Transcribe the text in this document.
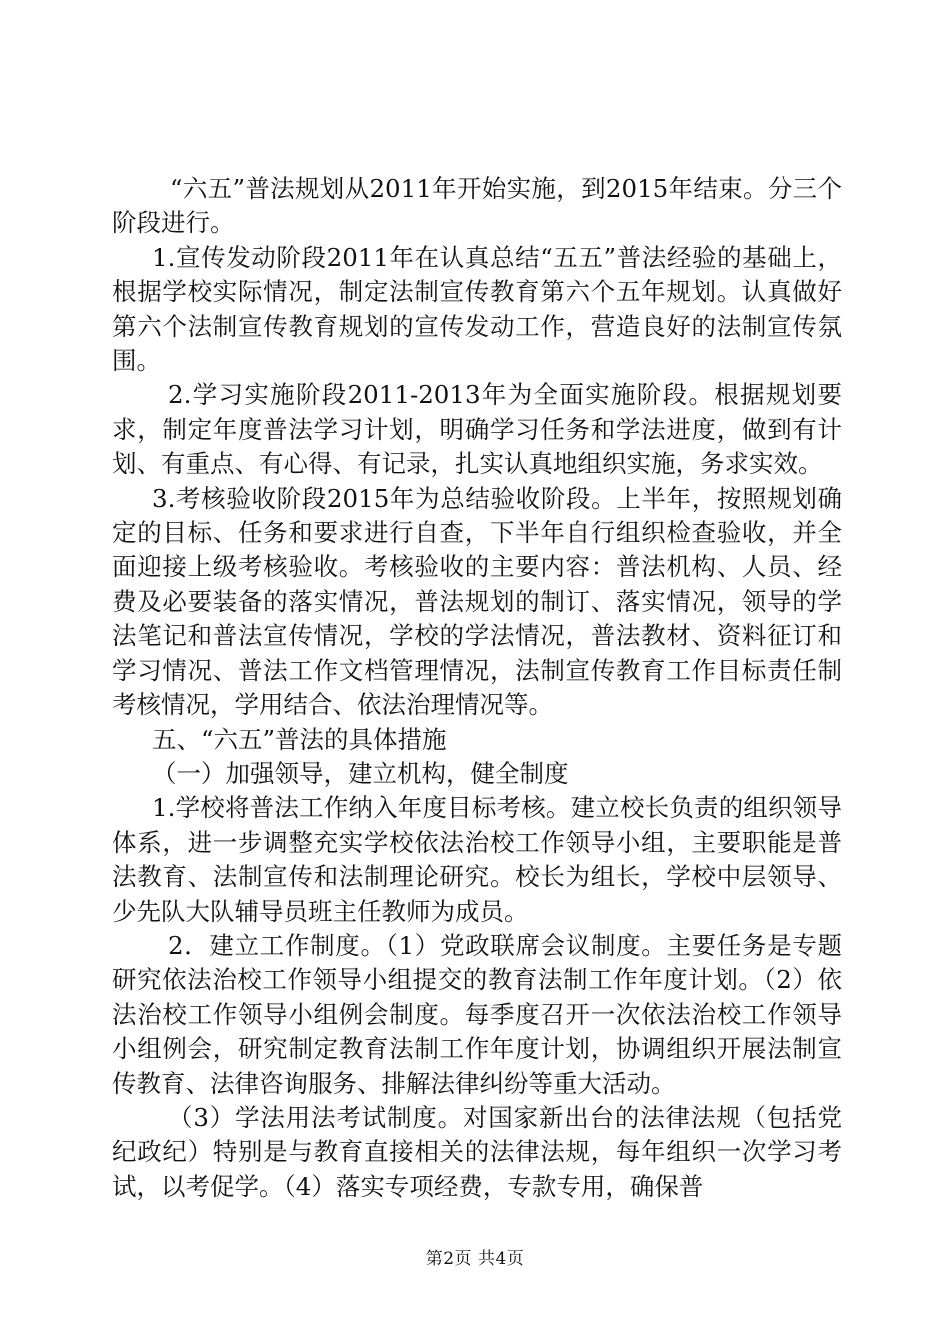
“六五”普法规划从2011年开始实施，到2015年结束。分三个阶段进行。

1.宣传发动阶段2011年在认真总结“五五”普法经验的基础上，根据学校实际情况，制定法制宣传教育第六个五年规划。认真做好第六个法制宣传教育规划的宣传发动工作，营造良好的法制宣传氛围。

2.学习实施阶段2011-2013年为全面实施阶段。根据规划要求，制定年度普法学习计划，明确学习任务和学法进度，做到有计划、有重点、有心得、有记录，扎实认真地组织实施，务求实效。

3.考核验收阶段2015年为总结验收阶段。上半年，按照规划确定的目标、任务和要求进行自查，下半年自行组织检查验收，并全面迎接上级考核验收。考核验收的主要内容：普法机构、人员、经费及必要装备的落实情况，普法规划的制订、落实情况，领导的学法笔记和普法宣传情况，学校的学法情况，普法教材、资料征订和学习情况、普法工作文档管理情况，法制宣传教育工作目标责任制考核情况，学用结合、依法治理情况等。

五、“六五”普法的具体措施

（一）加强领导，建立机构，健全制度

1.学校将普法工作纳入年度目标考核。建立校长负责的组织领导体系，进一步调整充实学校依法治校工作领导小组，主要职能是普法教育、法制宣传和法制理论研究。校长为组长，学校中层领导、少先队大队辅导员班主任教师为成员。

2．建立工作制度。（1）党政联席会议制度。主要任务是专题研究依法治校工作领导小组提交的教育法制工作年度计划。（2）依法治校工作领导小组例会制度。每季度召开一次依法治校工作领导小组例会，研究制定教育法制工作年度计划，协调组织开展法制宣传教育、法律咨询服务、排解法律纠纷等重大活动。

（3）学法用法考试制度。对国家新出台的法律法规（包括党纪政纪）特别是与教育直接相关的法律法规，每年组织一次学习考试，以考促学。（4）落实专项经费，专款专用，确保普

第2页 共4页
